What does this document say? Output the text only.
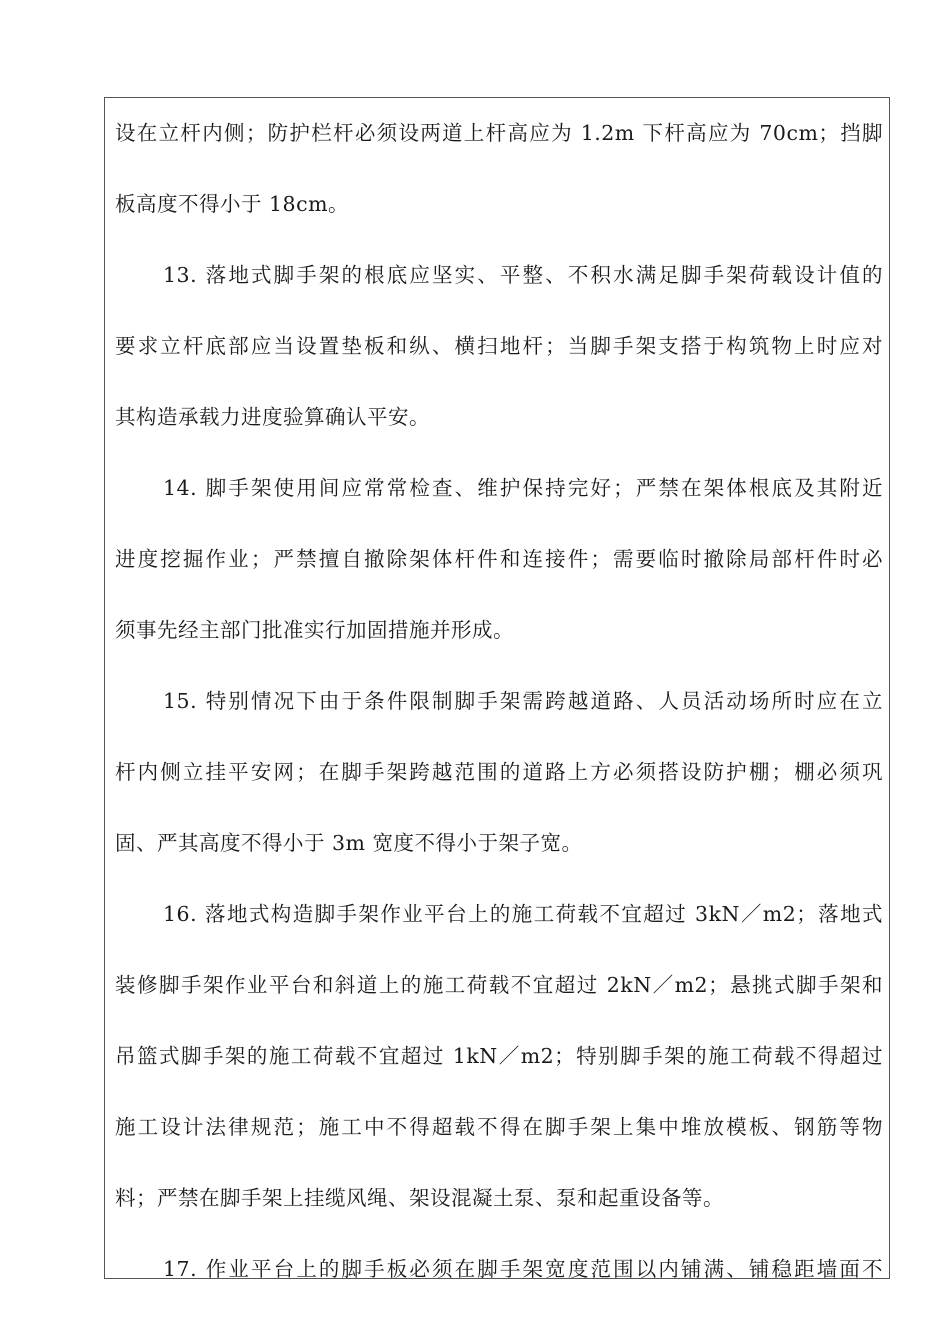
设在立杆内侧；防护栏杆必须设两道上杆高应为 1.2m 下杆高应为 70cm；挡脚
板高度不得小于 18cm。
13. 落地式脚手架的根底应坚实、平整、不积水满足脚手架荷载设计值的
要求立杆底部应当设置垫板和纵、横扫地杆；当脚手架支搭于构筑物上时应对
其构造承载力进度验算确认平安。
14. 脚手架使用间应常常检查、维护保持完好；严禁在架体根底及其附近
进度挖掘作业；严禁擅自撤除架体杆件和连接件；需要临时撤除局部杆件时必
须事先经主部门批准实行加固措施并形成。
15. 特别情况下由于条件限制脚手架需跨越道路、人员活动场所时应在立
杆内侧立挂平安网；在脚手架跨越范围的道路上方必须搭设防护棚；棚必须巩
固、严其高度不得小于 3m 宽度不得小于架子宽。
16. 落地式构造脚手架作业平台上的施工荷载不宜超过 3kN／m2；落地式
装修脚手架作业平台和斜道上的施工荷载不宜超过 2kN／m2；悬挑式脚手架和
吊篮式脚手架的施工荷载不宜超过 1kN／m2；特别脚手架的施工荷载不得超过
施工设计法律规范；施工中不得超载不得在脚手架上集中堆放模板、钢筋等物
料；严禁在脚手架上挂缆风绳、架设混凝土泵、泵和起重设备等。
17. 作业平台上的脚手板必须在脚手架宽度范围以内铺满、铺稳距墙面不
